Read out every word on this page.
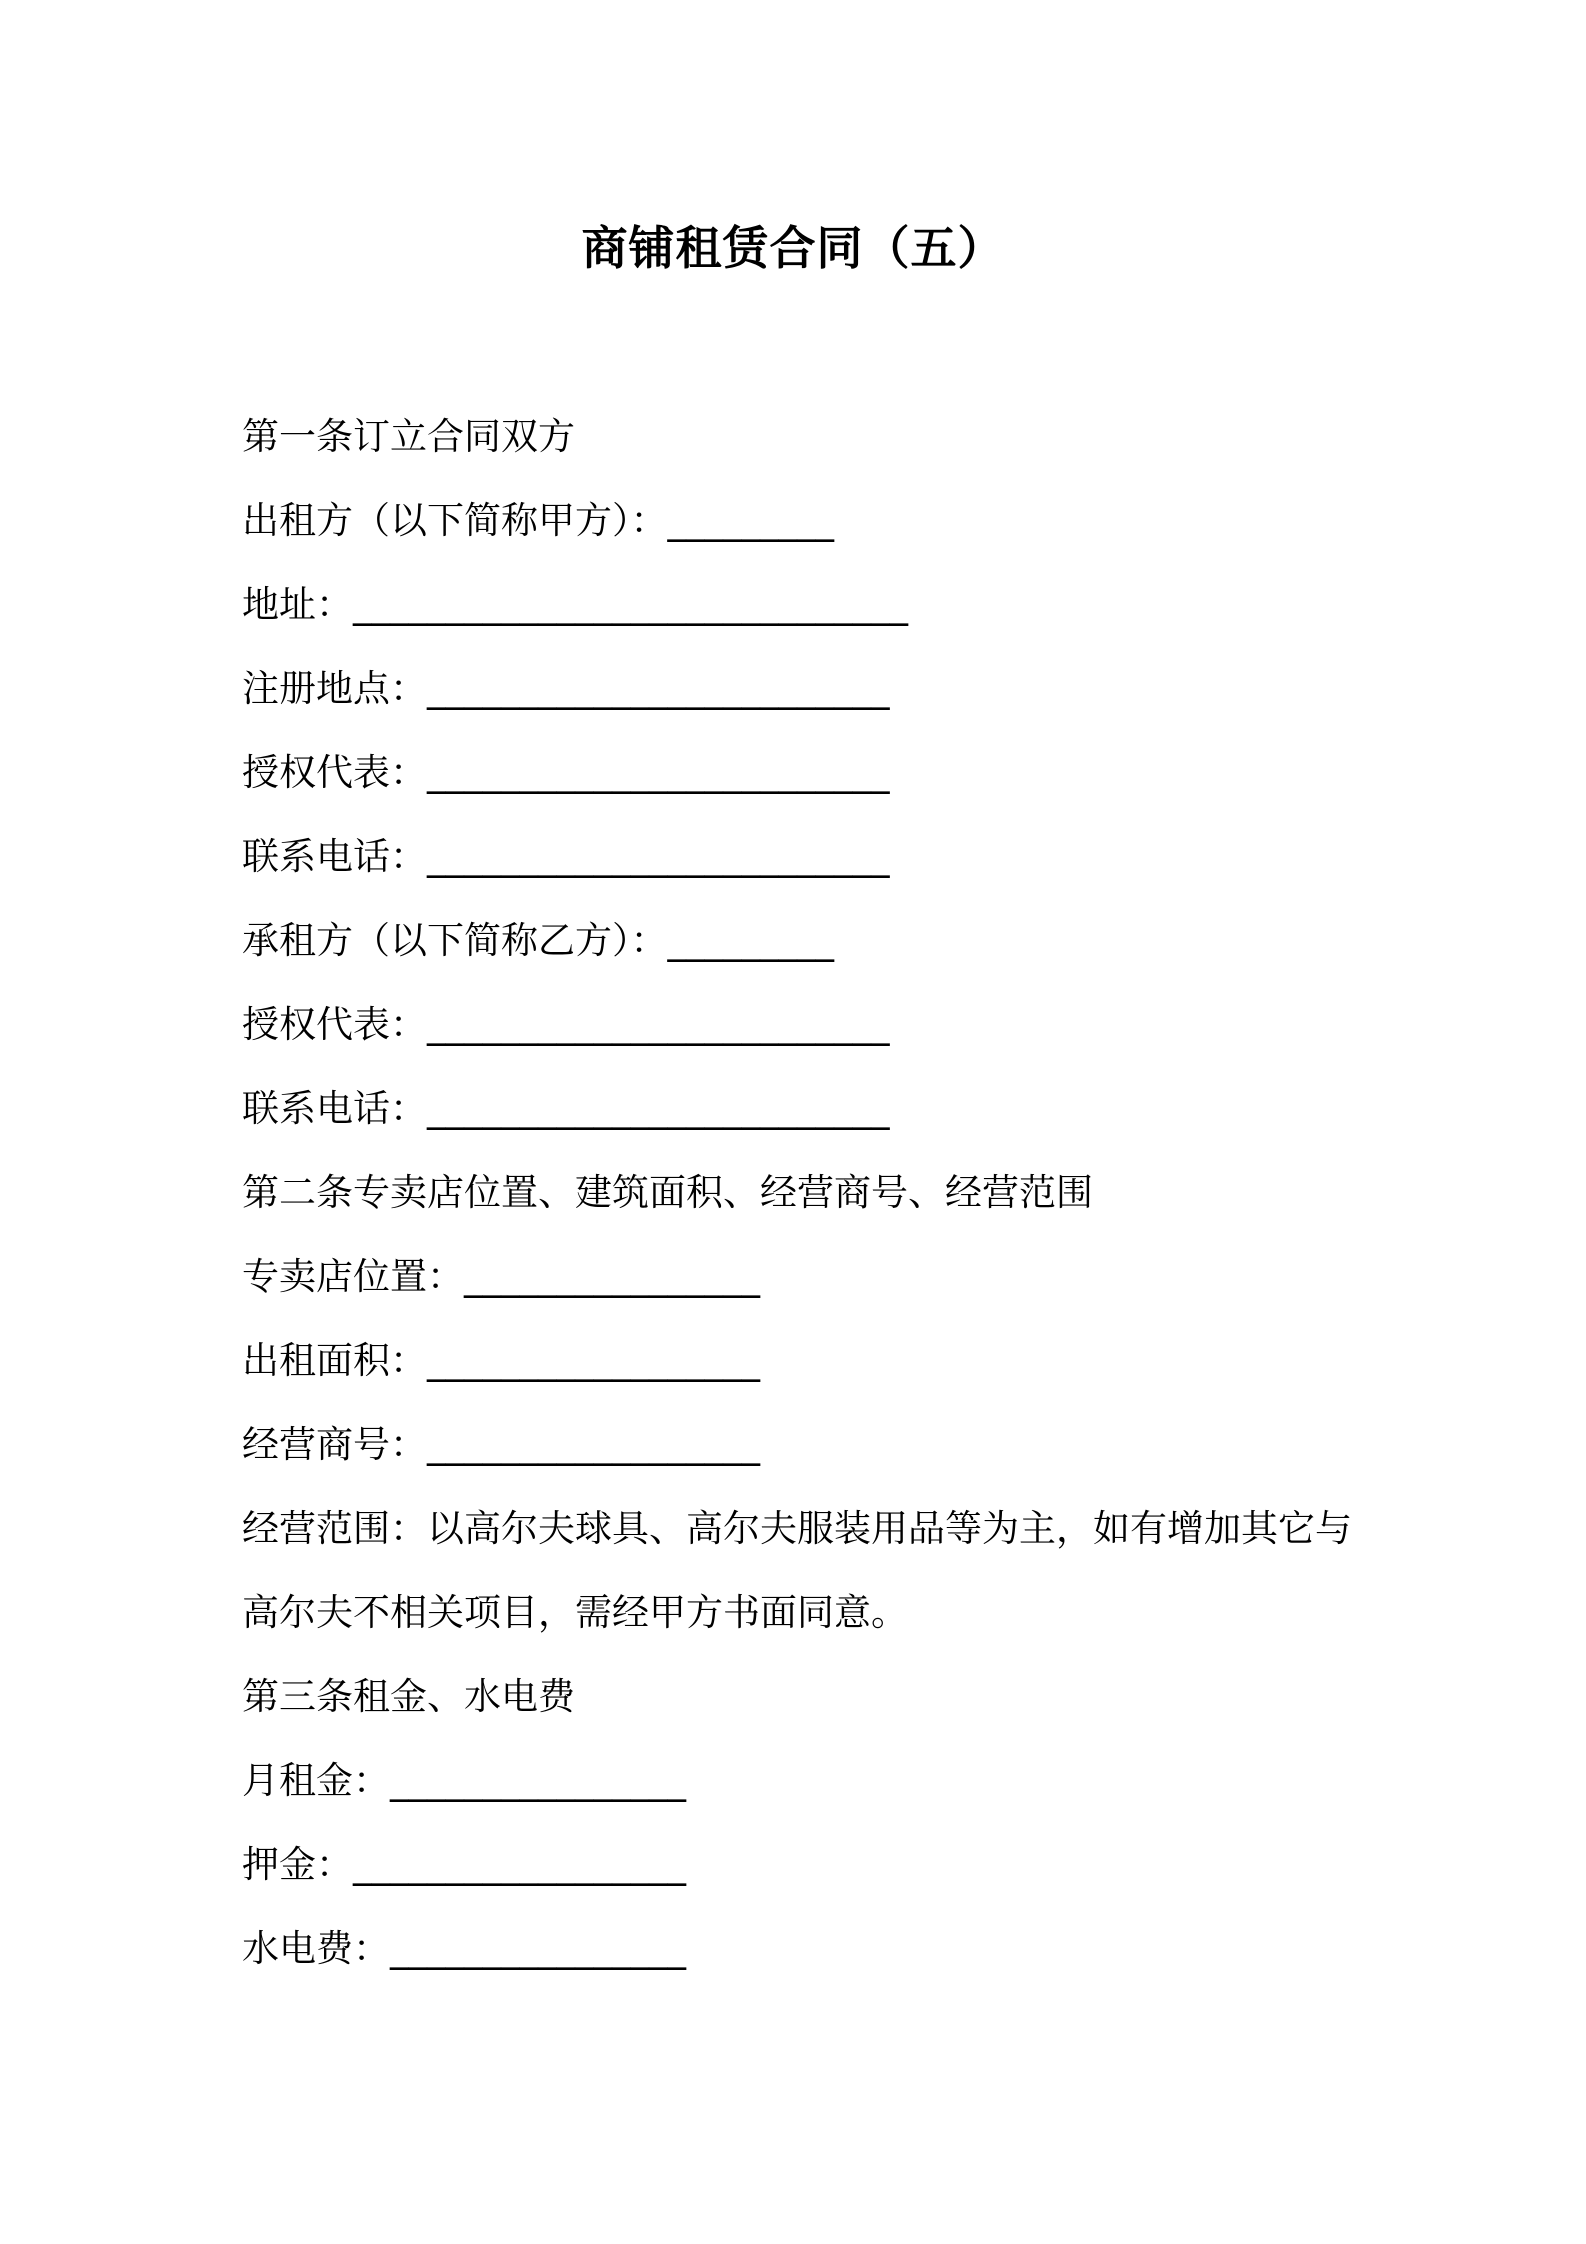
商铺租赁合同（五）
第一条订立合同双方
出租方（以下简称甲方）：_________
地址：______________________________
注册地点：_________________________
授权代表：_________________________
联系电话：_________________________
承租方（以下简称乙方）：_________
授权代表：_________________________
联系电话：_________________________
第二条专卖店位置、建筑面积、经营商号、经营范围
专卖店位置：________________
出租面积：__________________
经营商号：__________________
经营范围：以高尔夫球具、高尔夫服装用品等为主，如有增加其它与
高尔夫不相关项目，需经甲方书面同意。
第三条租金、水电费
月租金：________________
押金：__________________
水电费：________________
